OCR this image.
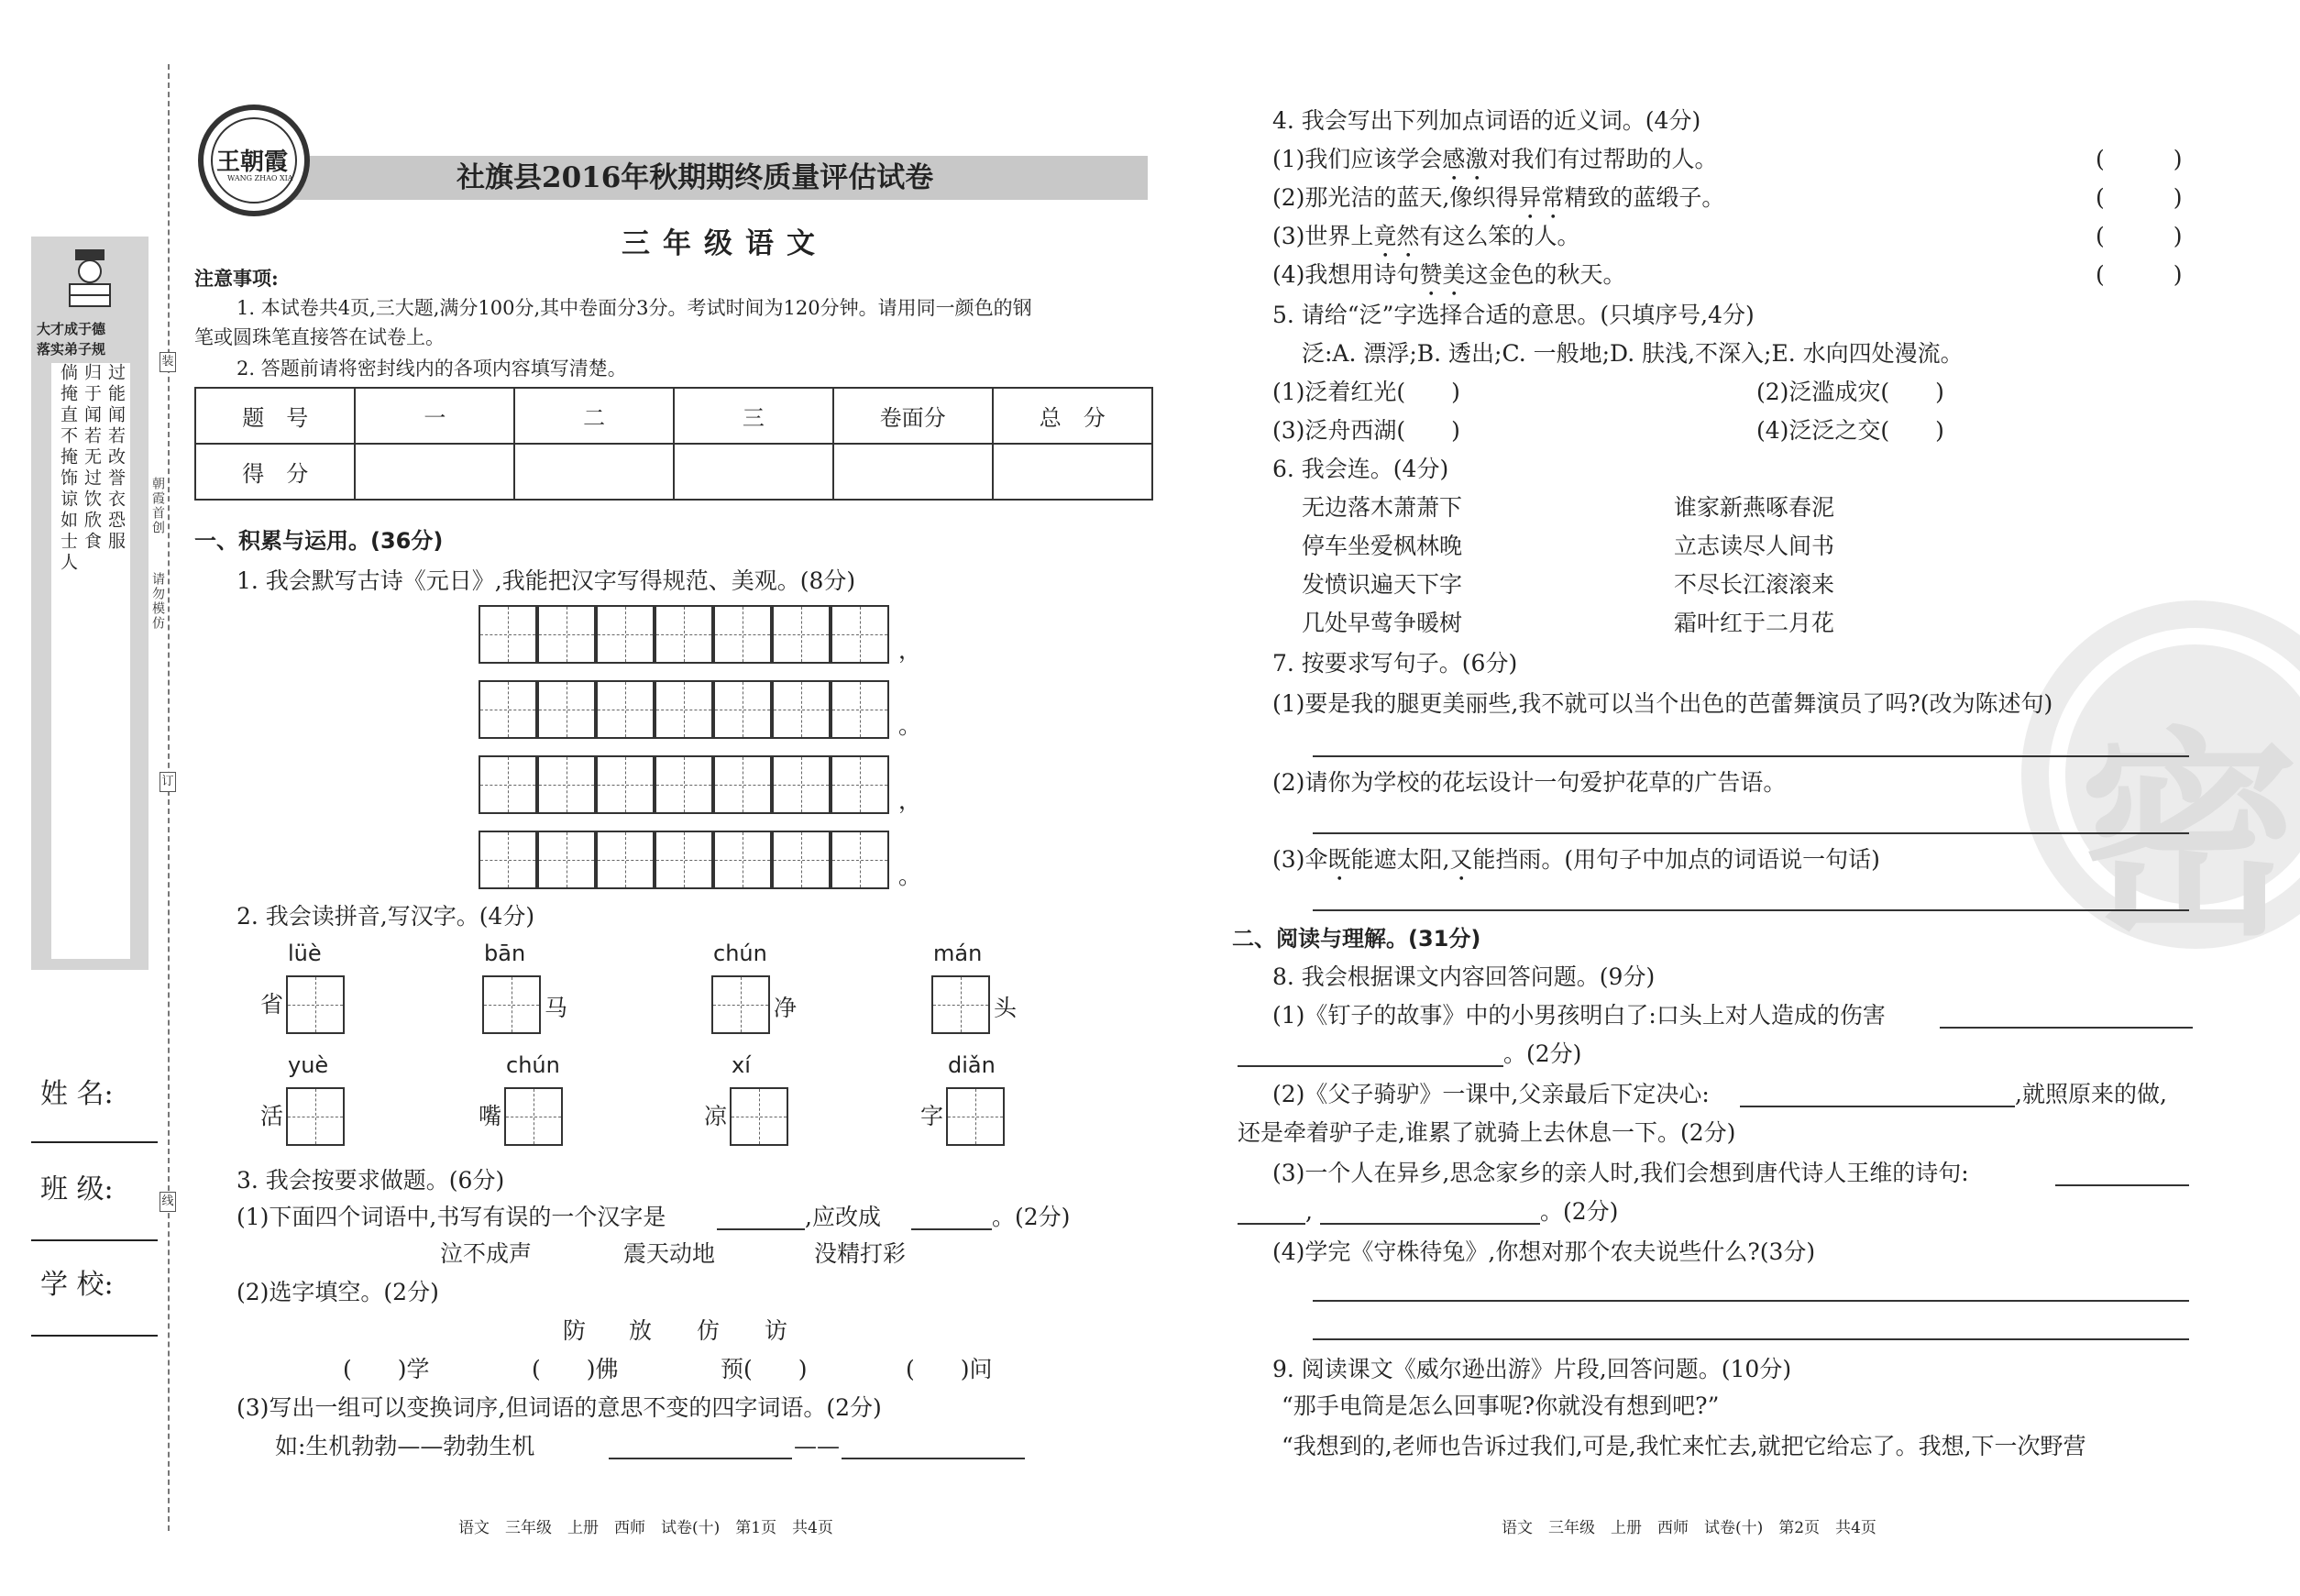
装
订
线
朝霞首创
请勿模仿
大才成于德
落实弟子规
过能闻若改誉衣恐服
归于闻若无过饮欣食
倘掩直不掩饰谅如士人
姓 名:
班 级:
学 校:
王朝霞
WANG ZHAO XIA	社旗县2016年秋期期终质量评估试卷
三年级语文
注意事项:
1. 本试卷共4页,三大题,满分100分,其中卷面分3分。考试时间为120分钟。请用同一颜色的钢
笔或圆珠笔直接答在试卷上。
2. 答题前请将密封线内的各项内容填写清楚。
题　号	一	二	三	卷面分	总　分
得　分					
一、积累与运用。(36分)
1. 我会默写古诗《元日》,我能把汉字写得规范、美观。(8分)
，
。
，
。
2. 我会读拼音,写汉字。(4分)
lüè
省
bān
马
chún
净
mán
头
yuè
活
chún
嘴
xí
凉
diǎn
字
3. 我会按要求做题。(6分)
(1)下面四个词语中,书写有误的一个汉字是	,应改成	。(2分)
泣不成声	震天动地	没精打彩
(2)选字填空。(2分)
防 放 仿 访
(　　)学	(　　)佛	预(　　)	(　　)问
(3)写出一组可以变换词序,但词语的意思不变的四字词语。(2分)
如:生机勃勃——勃勃生机	——
语文　三年级　上册　西师　试卷(十)　第1页　共4页
密
4. 我会写出下列加点词语的近义词。(4分)
(1)我们应该学会感激对我们有过帮助的人。	(　　　)
(2)那光洁的蓝天,像织得异常精致的蓝缎子。	(　　　)
(3)世界上竟然有这么笨的人。	(　　　)
(4)我想用诗句赞美这金色的秋天。	(　　　)
5. 请给“泛”字选择合适的意思。(只填序号,4分)
泛:A. 漂浮;B. 透出;C. 一般地;D. 肤浅,不深入;E. 水向四处漫流。
(1)泛着红光(　　)	(2)泛滥成灾(　　)
(3)泛舟西湖(　　)	(4)泛泛之交(　　)
6. 我会连。(4分)
无边落木萧萧下	谁家新燕啄春泥
停车坐爱枫林晚	立志读尽人间书
发愤识遍天下字	不尽长江滚滚来
几处早莺争暖树	霜叶红于二月花
7. 按要求写句子。(6分)
(1)要是我的腿更美丽些,我不就可以当个出色的芭蕾舞演员了吗?(改为陈述句)
(2)请你为学校的花坛设计一句爱护花草的广告语。
(3)伞既能遮太阳,又能挡雨。(用句子中加点的词语说一句话)
二、阅读与理解。(31分)
8. 我会根据课文内容回答问题。(9分)
(1)《钉子的故事》中的小男孩明白了:口头上对人造成的伤害
。(2分)
(2)《父子骑驴》一课中,父亲最后下定决心:	,就照原来的做,
还是牵着驴子走,谁累了就骑上去休息一下。(2分)
(3)一个人在异乡,思念家乡的亲人时,我们会想到唐代诗人王维的诗句:
,	。(2分)
(4)学完《守株待兔》,你想对那个农夫说些什么?(3分)
9. 阅读课文《威尔逊出游》片段,回答问题。(10分)
“那手电筒是怎么回事呢?你就没有想到吧?”
“我想到的,老师也告诉过我们,可是,我忙来忙去,就把它给忘了。我想,下一次野营
语文　三年级　上册　西师　试卷(十)　第2页　共4页
